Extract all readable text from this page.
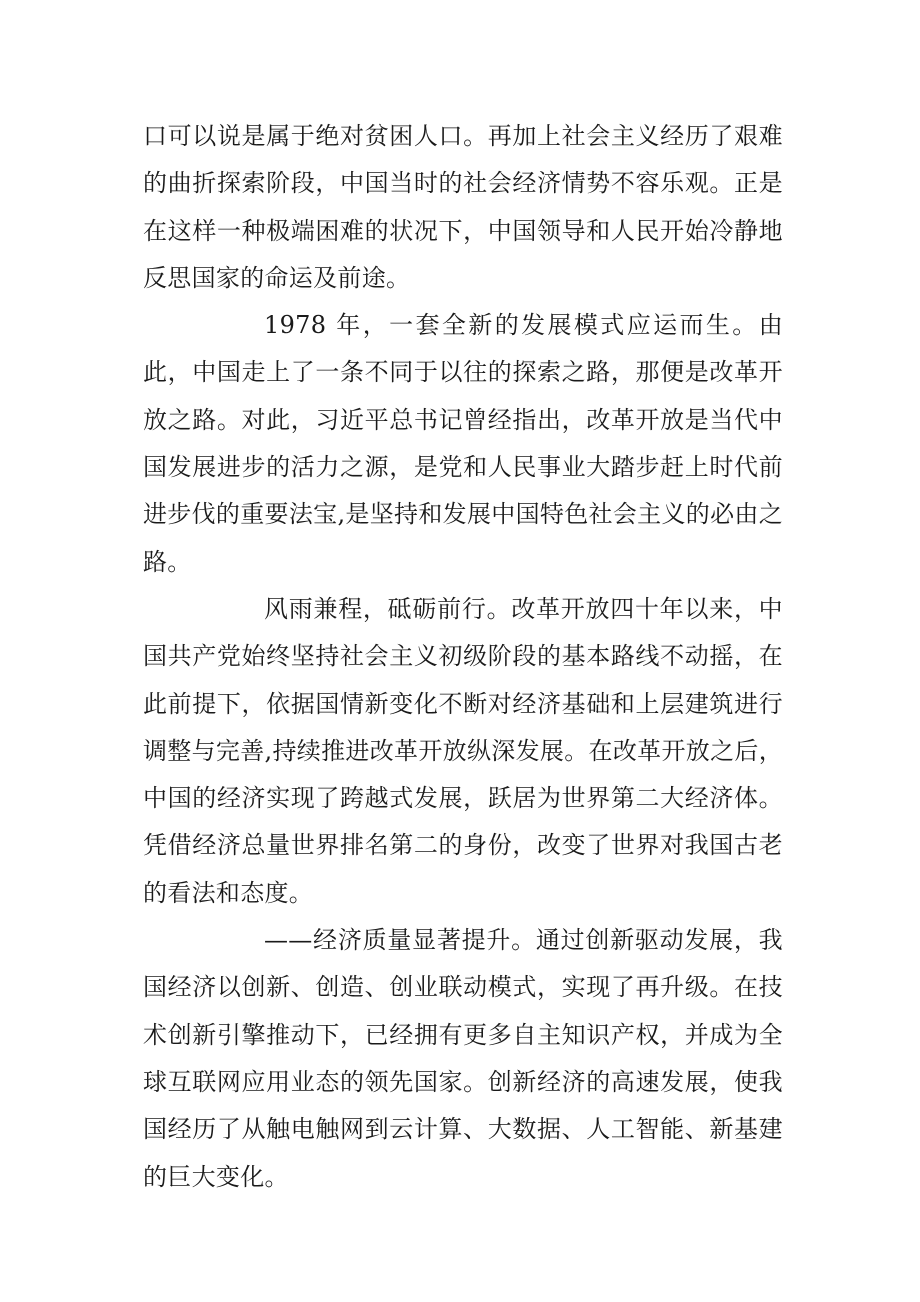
口可以说是属于绝对贫困人口。再加上社会主义经历了艰难的曲折探索阶段，中国当时的社会经济情势不容乐观。正是在这样一种极端困难的状况下，中国领导和人民开始冷静地反思国家的命运及前途。

1978 年，一套全新的发展模式应运而生。由此，中国走上了一条不同于以往的探索之路，那便是改革开放之路。对此，习近平总书记曾经指出，改革开放是当代中国发展进步的活力之源，是党和人民事业大踏步赶上时代前进步伐的重要法宝,是坚持和发展中国特色社会主义的必由之路。

风雨兼程，砥砺前行。改革开放四十年以来，中国共产党始终坚持社会主义初级阶段的基本路线不动摇，在此前提下，依据国情新变化不断对经济基础和上层建筑进行调整与完善,持续推进改革开放纵深发展。在改革开放之后，中国的经济实现了跨越式发展，跃居为世界第二大经济体。凭借经济总量世界排名第二的身份，改变了世界对我国古老的看法和态度。

——经济质量显著提升。通过创新驱动发展，我国经济以创新、创造、创业联动模式，实现了再升级。在技术创新引擎推动下，已经拥有更多自主知识产权，并成为全球互联网应用业态的领先国家。创新经济的高速发展，使我国经历了从触电触网到云计算、大数据、人工智能、新基建的巨大变化。
